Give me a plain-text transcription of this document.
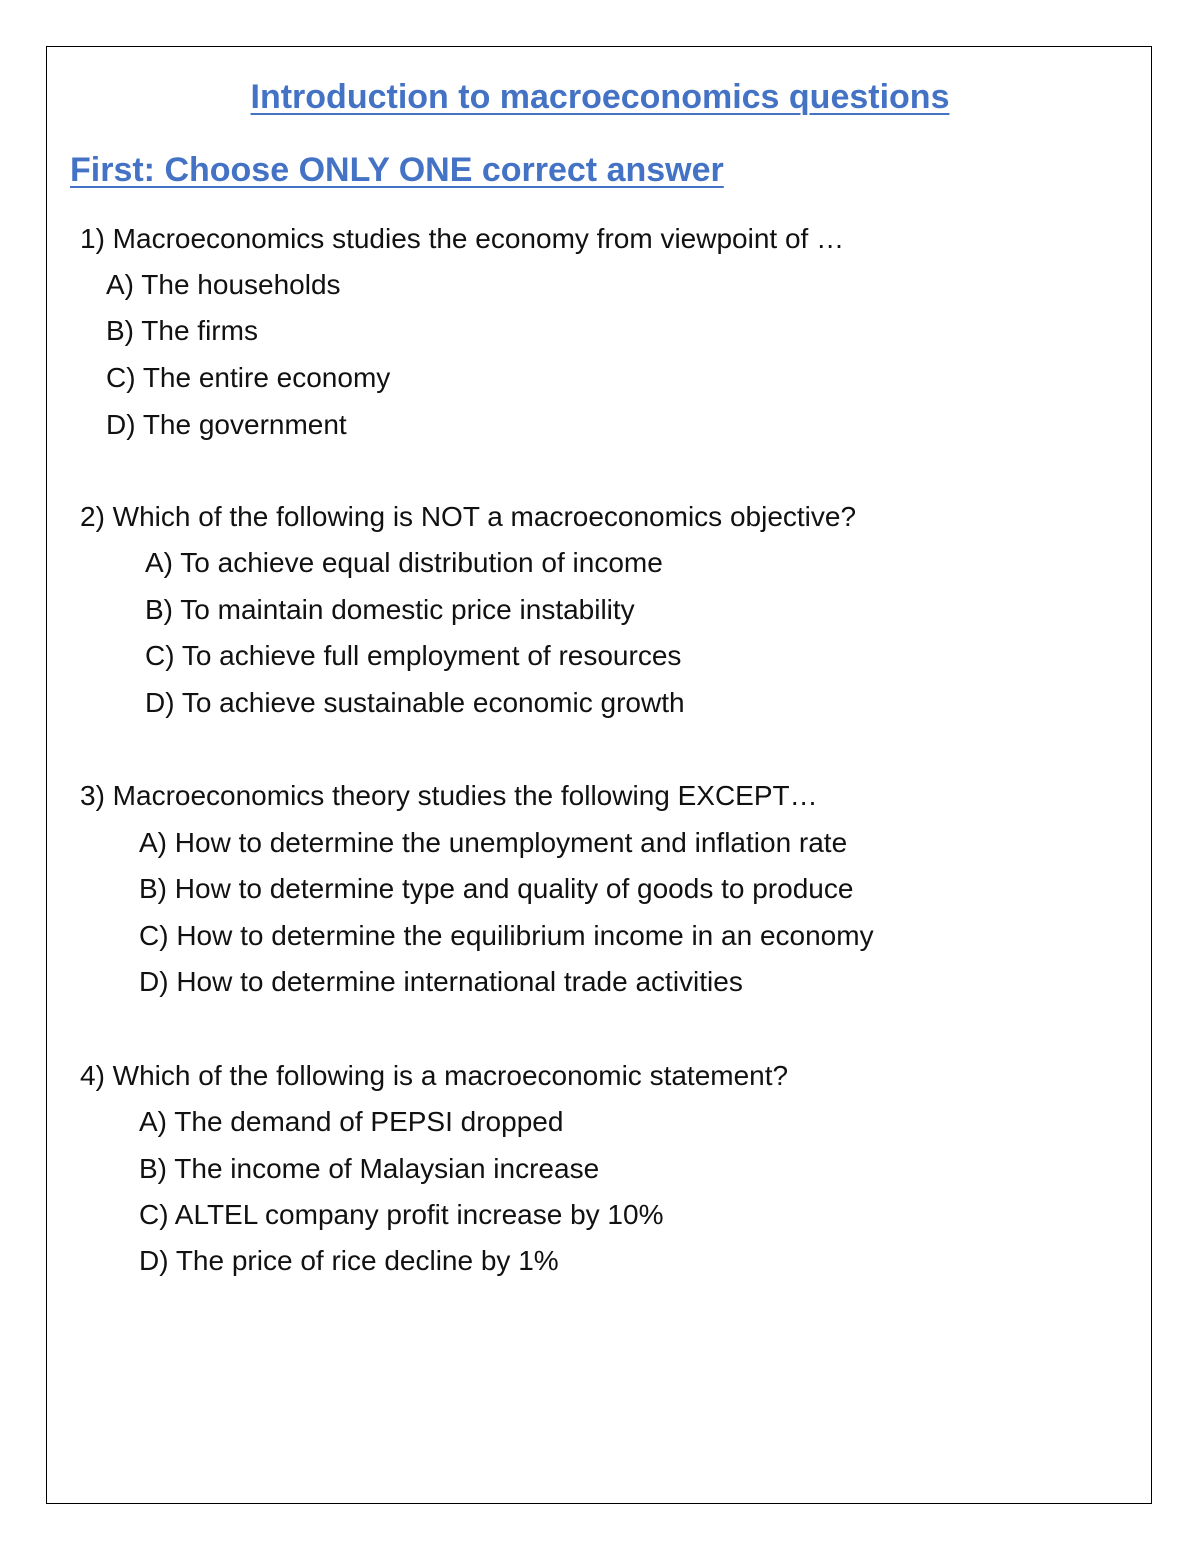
Introduction to macroeconomics questions
First: Choose ONLY ONE correct answer

1) Macroeconomics studies the economy from viewpoint of …

A) The households

B) The firms

C) The entire economy

D) The government

2) Which of the following is NOT a macroeconomics objective?

A) To achieve equal distribution of income

B) To maintain domestic price instability

C) To achieve full employment of resources

D) To achieve sustainable economic growth

3) Macroeconomics theory studies the following EXCEPT…

A) How to determine the unemployment and inflation rate

B) How to determine type and quality of goods to produce

C) How to determine the equilibrium income in an economy

D) How to determine international trade activities

4) Which of the following is a macroeconomic statement?

A) The demand of PEPSI dropped

B) The income of Malaysian increase

C) ALTEL company profit increase by 10%

D) The price of rice decline by 1%
